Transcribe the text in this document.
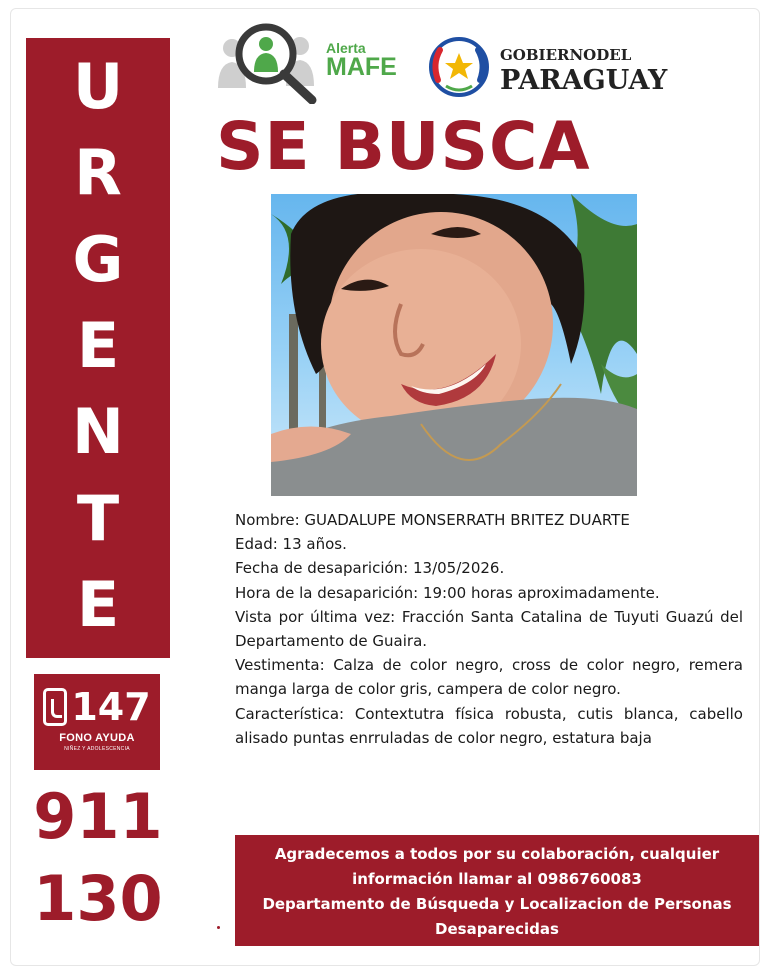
U
R
G
E
N
T
E
147
FONO AYUDA
NIÑEZ Y ADOLESCENCIA
911
130
Alerta
MAFE	GOBIERNODEL
PARAGUAY
SE BUSCA

Nombre: GUADALUPE MONSERRATH BRITEZ DUARTE

Edad: 13 años.

Fecha de desaparición: 13/05/2026.

Hora de la desaparición: 19:00 horas aproximadamente.

Vista por última vez: Fracción Santa Catalina de Tuyuti Guazú del Departamento de Guaira.

Vestimenta: Calza de color negro, cross de color negro, remera manga larga de color gris, campera de color negro.

Característica: Contextutra física robusta, cutis blanca, cabello alisado puntas enrruladas de color negro, estatura baja

Agradecemos a todos por su colaboración, cualquier
información llamar al 0986760083
Departamento de Búsqueda y Localizacion de Personas
Desaparecidas
